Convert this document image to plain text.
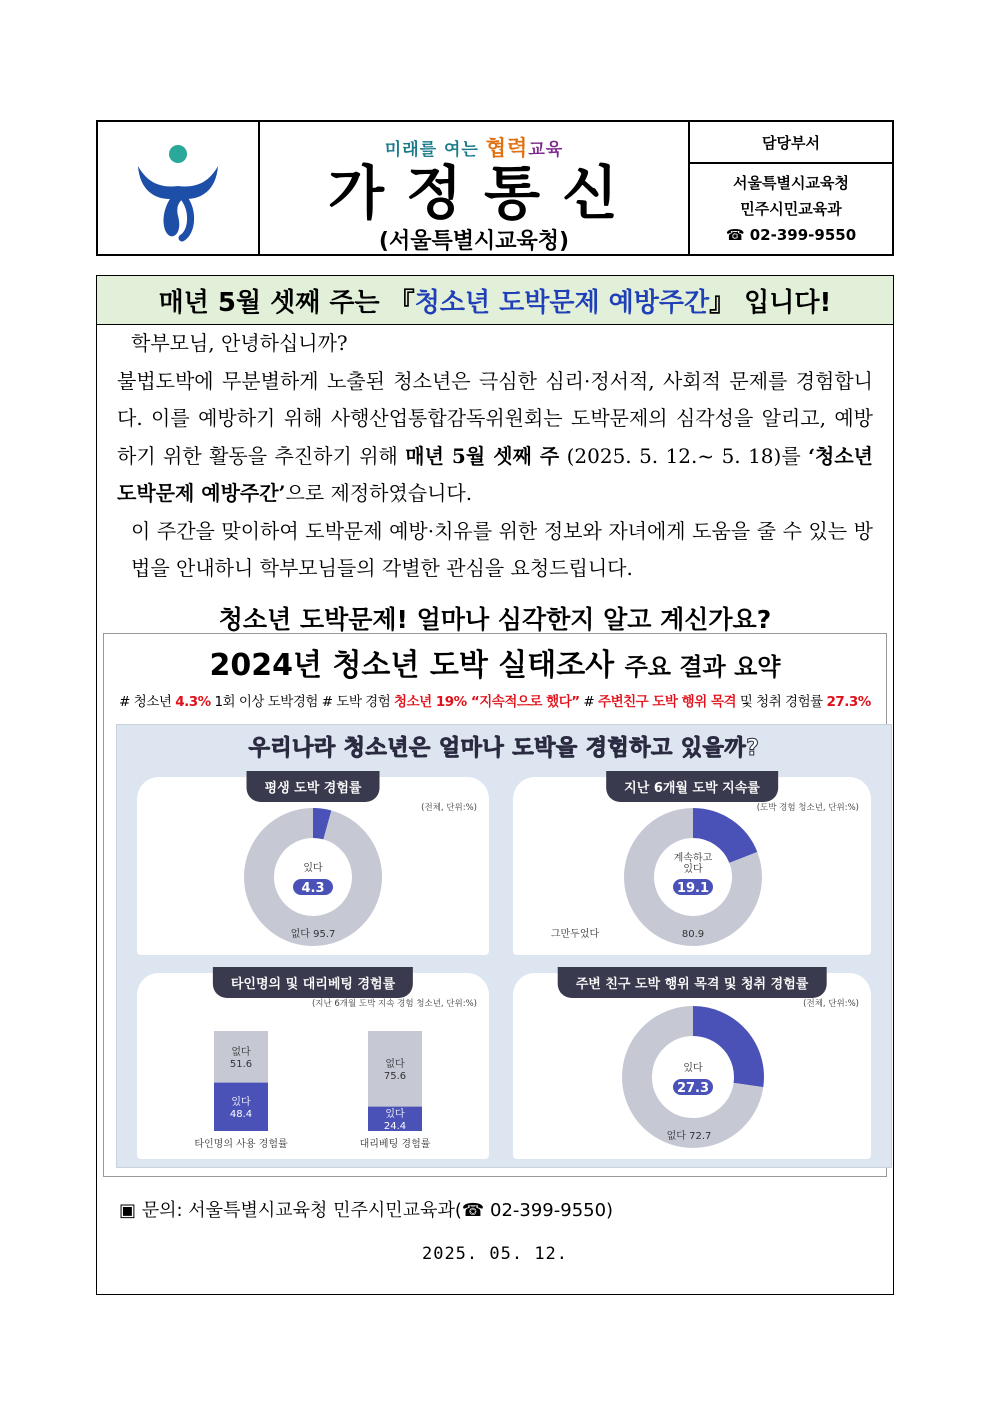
미래를 여는 협력교육
가정통신
(서울특별시교육청)
담당부서
서울특별시교육청
민주시민교육과
☎ 02-399-9550
매년 5월 셋째 주는 『 청소년 도박문제 예방주간 』 입니다!

학부모님, 안녕하십니까?

불법도박에 무분별하게 노출된 청소년은 극심한 심리·정서적, 사회적 문제를 경험합니다. 이를 예방하기 위해 사행산업통합감독위원회는 도박문제의 심각성을 알리고, 예방하기 위한 활동을 추진하기 위해 매년 5월 셋째 주 (2025. 5. 12.~ 5. 18)를 ‘청소년 도박문제 예방주간’으로 제정하였습니다.

이 주간을 맞이하여 도박문제 예방·치유를 위한 정보와 자녀에게 도움을 줄 수 있는 방법을 안내하니 학부모님들의 각별한 관심을 요청드립니다.

청소년 도박문제! 얼마나 심각한지 알고 계신가요?
2024년 청소년 도박 실태조사 주요 결과 요약
# 청소년 4.3% 1회 이상 도박경험 # 도박 경험 청소년 19% “지속적으로 했다” # 주변친구 도박 행위 목격 및 청취 경험률 27.3%
우리나라 청소년은 얼마나 도박을 경험하고 있을까?
평생 도박 경험률
(전체, 단위:%)
있다
4.3
없다 95.7
지난 6개월 도박 지속률
(도박 경험 청소년, 단위:%)
계속하고 있다
19.1
그만두었다	80.9
타인명의 및 대리베팅 경험률
(지난 6개월 도박 지속 경험 청소년, 단위:%)
없다 51.6
있다 48.4
타인명의 사용 경험률
없다 75.6
있다 24.4
대리베팅 경험률
주변 친구 도박 행위 목격 및 청취 경험률
(전체, 단위:%)
있다
27.3
없다 72.7
▣ 문의: 서울특별시교육청 민주시민교육과(☎ 02-399-9550)
2025. 05. 12.
